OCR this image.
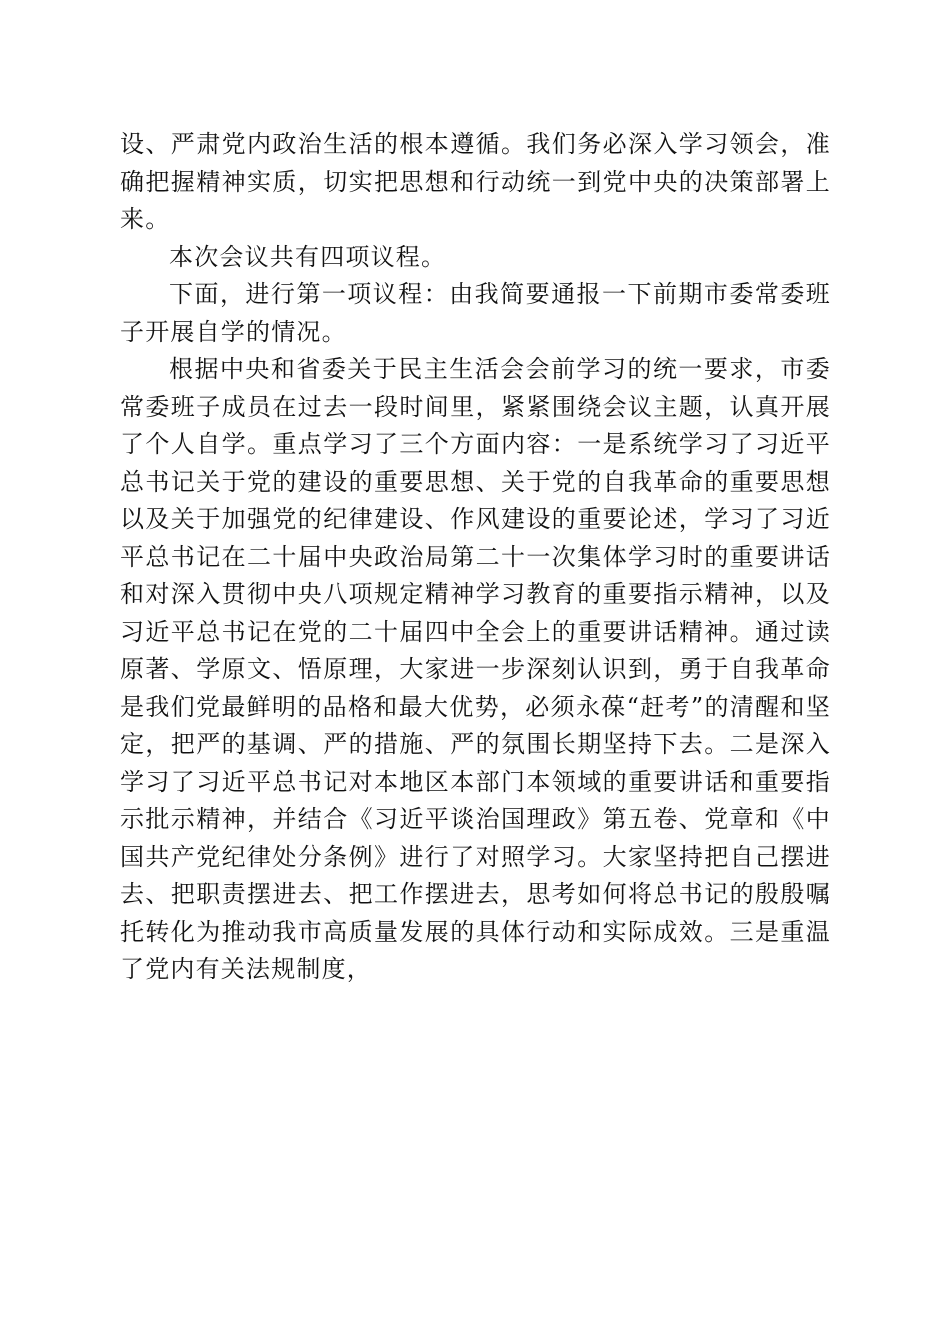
设、严肃党内政治生活的根本遵循。我们务必深入学习领会，准确把握精神实质，切实把思想和行动统一到党中央的决策部署上来。

本次会议共有四项议程。

下面，进行第一项议程：由我简要通报一下前期市委常委班子开展自学的情况。

根据中央和省委关于民主生活会会前学习的统一要求，市委常委班子成员在过去一段时间里，紧紧围绕会议主题，认真开展了个人自学。重点学习了三个方面内容：一是系统学习了习近平总书记关于党的建设的重要思想、关于党的自我革命的重要思想以及关于加强党的纪律建设、作风建设的重要论述，学习了习近平总书记在二十届中央政治局第二十一次集体学习时的重要讲话和对深入贯彻中央八项规定精神学习教育的重要指示精神，以及习近平总书记在党的二十届四中全会上的重要讲话精神。通过读原著、学原文、悟原理，大家进一步深刻认识到，勇于自我革命是我们党最鲜明的品格和最大优势，必须永葆“赶考”的清醒和坚定，把严的基调、严的措施、严的氛围长期坚持下去。二是深入学习了习近平总书记对本地区本部门本领域的重要讲话和重要指示批示精神，并结合《习近平谈治国理政》第五卷、党章和《中国共产党纪律处分条例》进行了对照学习。大家坚持把自己摆进去、把职责摆进去、把工作摆进去，思考如何将总书记的殷殷嘱托转化为推动我市高质量发展的具体行动和实际成效。三是重温了党内有关法规制度，
